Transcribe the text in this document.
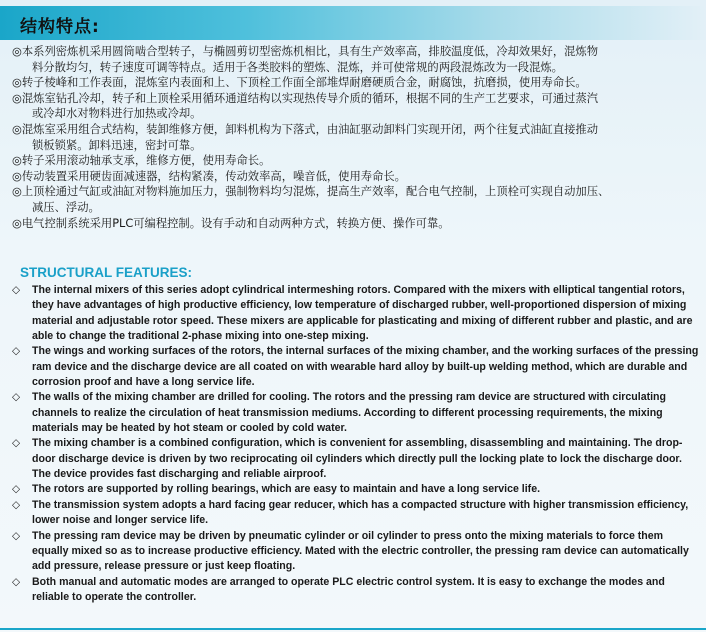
结构特点:

◎本系列密炼机采用圆筒啮合型转子，与椭圆剪切型密炼机相比，具有生产效率高，排胶温度低，冷却效果好，混炼物
料分散均匀，转子速度可调等特点。适用于各类胶料的塑炼、混炼，并可使常规的两段混炼改为一段混炼。

◎转子棱峰和工作表面，混炼室内表面和上、下顶栓工作面全部堆焊耐磨硬质合金，耐腐蚀，抗磨损，使用寿命长。

◎混炼室钻孔冷却，转子和上顶栓采用循环通道结构以实现热传导介质的循环，根据不同的生产工艺要求，可通过蒸汽
或冷却水对物料进行加热或冷却。

◎混炼室采用组合式结构，装卸维修方便，卸料机构为下落式，由油缸驱动卸料门实现开闭，两个往复式油缸直接推动
锁板锁紧。卸料迅速，密封可靠。

◎转子采用滚动轴承支承，维修方便，使用寿命长。

◎传动装置采用硬齿面减速器，结构紧凑，传动效率高，噪音低，使用寿命长。

◎上顶栓通过气缸或油缸对物料施加压力，强制物料均匀混炼，提高生产效率，配合电气控制，上顶栓可实现自动加压、
减压、浮动。

◎电气控制系统采用PLC可编程控制。设有手动和自动两种方式，转换方便、操作可靠。

STRUCTURAL FEATURES:

◇ The internal mixers of this series adopt cylindrical intermeshing rotors. Compared with the mixers with elliptical tangential rotors, they have advantages of high productive efficiency, low temperature of discharged rubber, well-proportioned dispersion of mixing material and adjustable rotor speed. These mixers are applicable for plasticating and mixing of different rubber and plastic, and are able to change the traditional 2-phase mixing into one-step mixing.

◇ The wings and working surfaces of the rotors, the internal surfaces of the mixing chamber, and the working surfaces of the pressing ram device and the discharge device are all coated on with wearable hard alloy by built-up welding method, which are durable and corrosion proof and have a long service life.

◇ The walls of the mixing chamber are drilled for cooling. The rotors and the pressing ram device are structured with circulating channels to realize the circulation of heat transmission mediums. According to different processing requirements, the mixing materials may be heated by hot steam or cooled by cold water.

◇ The mixing chamber is a combined configuration, which is convenient for assembling, disassembling and maintaining. The drop-door discharge device is driven by two reciprocating oil cylinders which directly pull the locking plate to lock the discharge door. The device provides fast discharging and reliable airproof.

◇ The rotors are supported by rolling bearings, which are easy to maintain and have a long service life.

◇ The transmission system adopts a hard facing gear reducer, which has a compacted structure with higher transmission efficiency, lower noise and longer service life.

◇ The pressing ram device may be driven by pneumatic cylinder or oil cylinder to press onto the mixing materials to force them equally mixed so as to increase productive efficiency. Mated with the electric controller, the pressing ram device can automatically add pressure, release pressure or just keep floating.

◇ Both manual and automatic modes are arranged to operate PLC electric control system. It is easy to exchange the modes and reliable to operate the controller.
